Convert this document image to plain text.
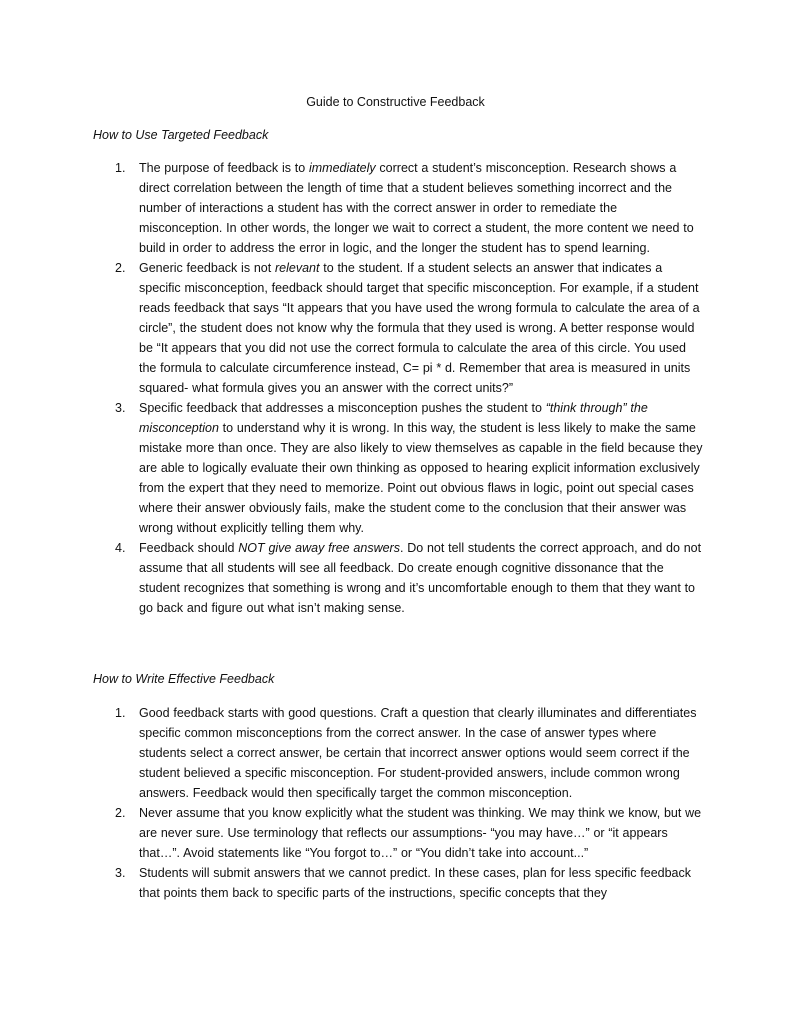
Guide to Constructive Feedback
How to Use Targeted Feedback
1. The purpose of feedback is to immediately correct a student’s misconception. Research shows a direct correlation between the length of time that a student believes something incorrect and the number of interactions a student has with the correct answer in order to remediate the misconception. In other words, the longer we wait to correct a student, the more content we need to build in order to address the error in logic, and the longer the student has to spend learning.
2. Generic feedback is not relevant to the student. If a student selects an answer that indicates a specific misconception, feedback should target that specific misconception. For example, if a student reads feedback that says “It appears that you have used the wrong formula to calculate the area of a circle”, the student does not know why the formula that they used is wrong. A better response would be “It appears that you did not use the correct formula to calculate the area of this circle. You used the formula to calculate circumference instead, C= pi * d. Remember that area is measured in units squared- what formula gives you an answer with the correct units?”
3. Specific feedback that addresses a misconception pushes the student to “think through” the misconception to understand why it is wrong. In this way, the student is less likely to make the same mistake more than once. They are also likely to view themselves as capable in the field because they are able to logically evaluate their own thinking as opposed to hearing explicit information exclusively from the expert that they need to memorize. Point out obvious flaws in logic, point out special cases where their answer obviously fails, make the student come to the conclusion that their answer was wrong without explicitly telling them why.
4. Feedback should NOT give away free answers. Do not tell students the correct approach, and do not assume that all students will see all feedback. Do create enough cognitive dissonance that the student recognizes that something is wrong and it’s uncomfortable enough to them that they want to go back and figure out what isn’t making sense.
How to Write Effective Feedback
1. Good feedback starts with good questions. Craft a question that clearly illuminates and differentiates specific common misconceptions from the correct answer. In the case of answer types where students select a correct answer, be certain that incorrect answer options would seem correct if the student believed a specific misconception. For student-provided answers, include common wrong answers. Feedback would then specifically target the common misconception.
2. Never assume that you know explicitly what the student was thinking. We may think we know, but we are never sure. Use terminology that reflects our assumptions- “you may have…” or “it appears that…”. Avoid statements like “You forgot to…” or “You didn’t take into account...”
3. Students will submit answers that we cannot predict. In these cases, plan for less specific feedback that points them back to specific parts of the instructions, specific concepts that they
